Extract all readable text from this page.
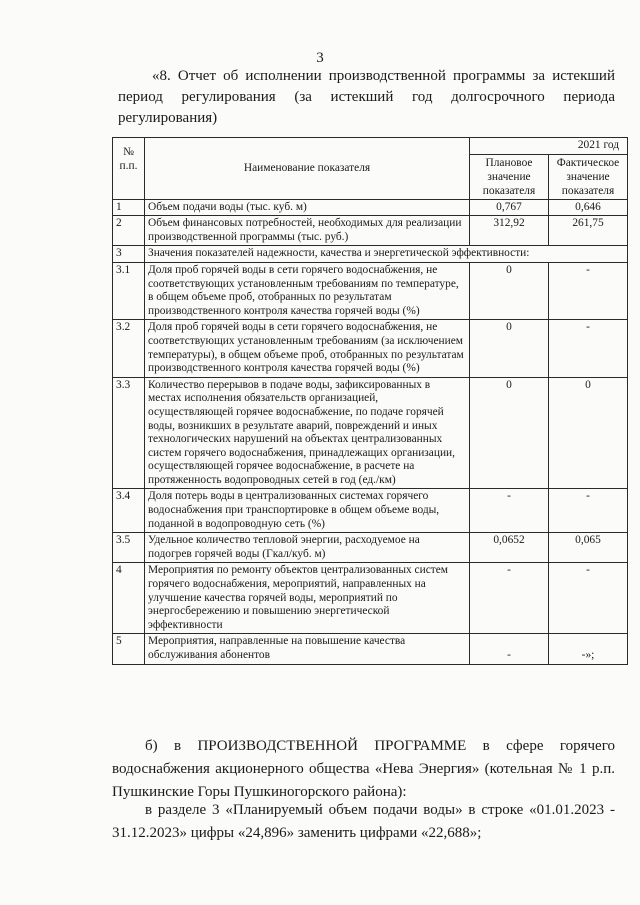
3
«8. Отчет об исполнении производственной программы за истекший
период регулирования (за истекший год долгосрочного периода
регулирования)
№ п.п.	Наименование показателя	2021 год	
		Плановое значение показателя	Фактическое значение показателя
1	Объем подачи воды (тыс. куб. м)	0,767	0,646
2	Объем финансовых потребностей, необходимых для реализации производственной программы (тыс. руб.)	312,92	261,75
3	Значения показателей надежности, качества и энергетической эффективности:		
3.1	Доля проб горячей воды в сети горячего водоснабжения, не соответствующих установленным требованиям по температуре, в общем объеме проб, отобранных по результатам производственного контроля качества горячей воды (%)	0	-
3.2	Доля проб горячей воды в сети горячего водоснабжения, не соответствующих установленным требованиям (за исключением температуры), в общем объеме проб, отобранных по результатам производственного контроля качества горячей воды (%)	0	-
3.3	Количество перерывов в подаче воды, зафиксированных в местах исполнения обязательств организацией, осуществляющей горячее водоснабжение, по подаче горячей воды, возникших в результате аварий, повреждений и иных технологических нарушений на объектах централизованных систем горячего водоснабжения, принадлежащих организации, осуществляющей горячее водоснабжение, в расчете на протяженность водопроводных сетей в год (ед./км)	0	0
3.4	Доля потерь воды в централизованных системах горячего водоснабжения при транспортировке в общем объеме воды, поданной в водопроводную сеть (%)	-	-
3.5	Удельное количество тепловой энергии, расходуемое на подогрев горячей воды (Гкал/куб. м)	0,0652	0,065
4	Мероприятия по ремонту объектов централизованных систем горячего водоснабжения, мероприятий, направленных на улучшение качества горячей воды, мероприятий по энергосбережению и повышению энергетической эффективности	-	-
5	Мероприятия, направленные на повышение качества обслуживания абонентов	-	-»;
б) в ПРОИЗВОДСТВЕННОЙ ПРОГРАММЕ в сфере горячего
водоснабжения акционерного общества «Нева Энергия» (котельная № 1 р.п. Пушкинские Горы Пушкиногорского района):
в разделе 3 «Планируемый объем подачи воды» в строке «01.01.2023 -
31.12.2023» цифры «24,896» заменить цифрами «22,688»;
